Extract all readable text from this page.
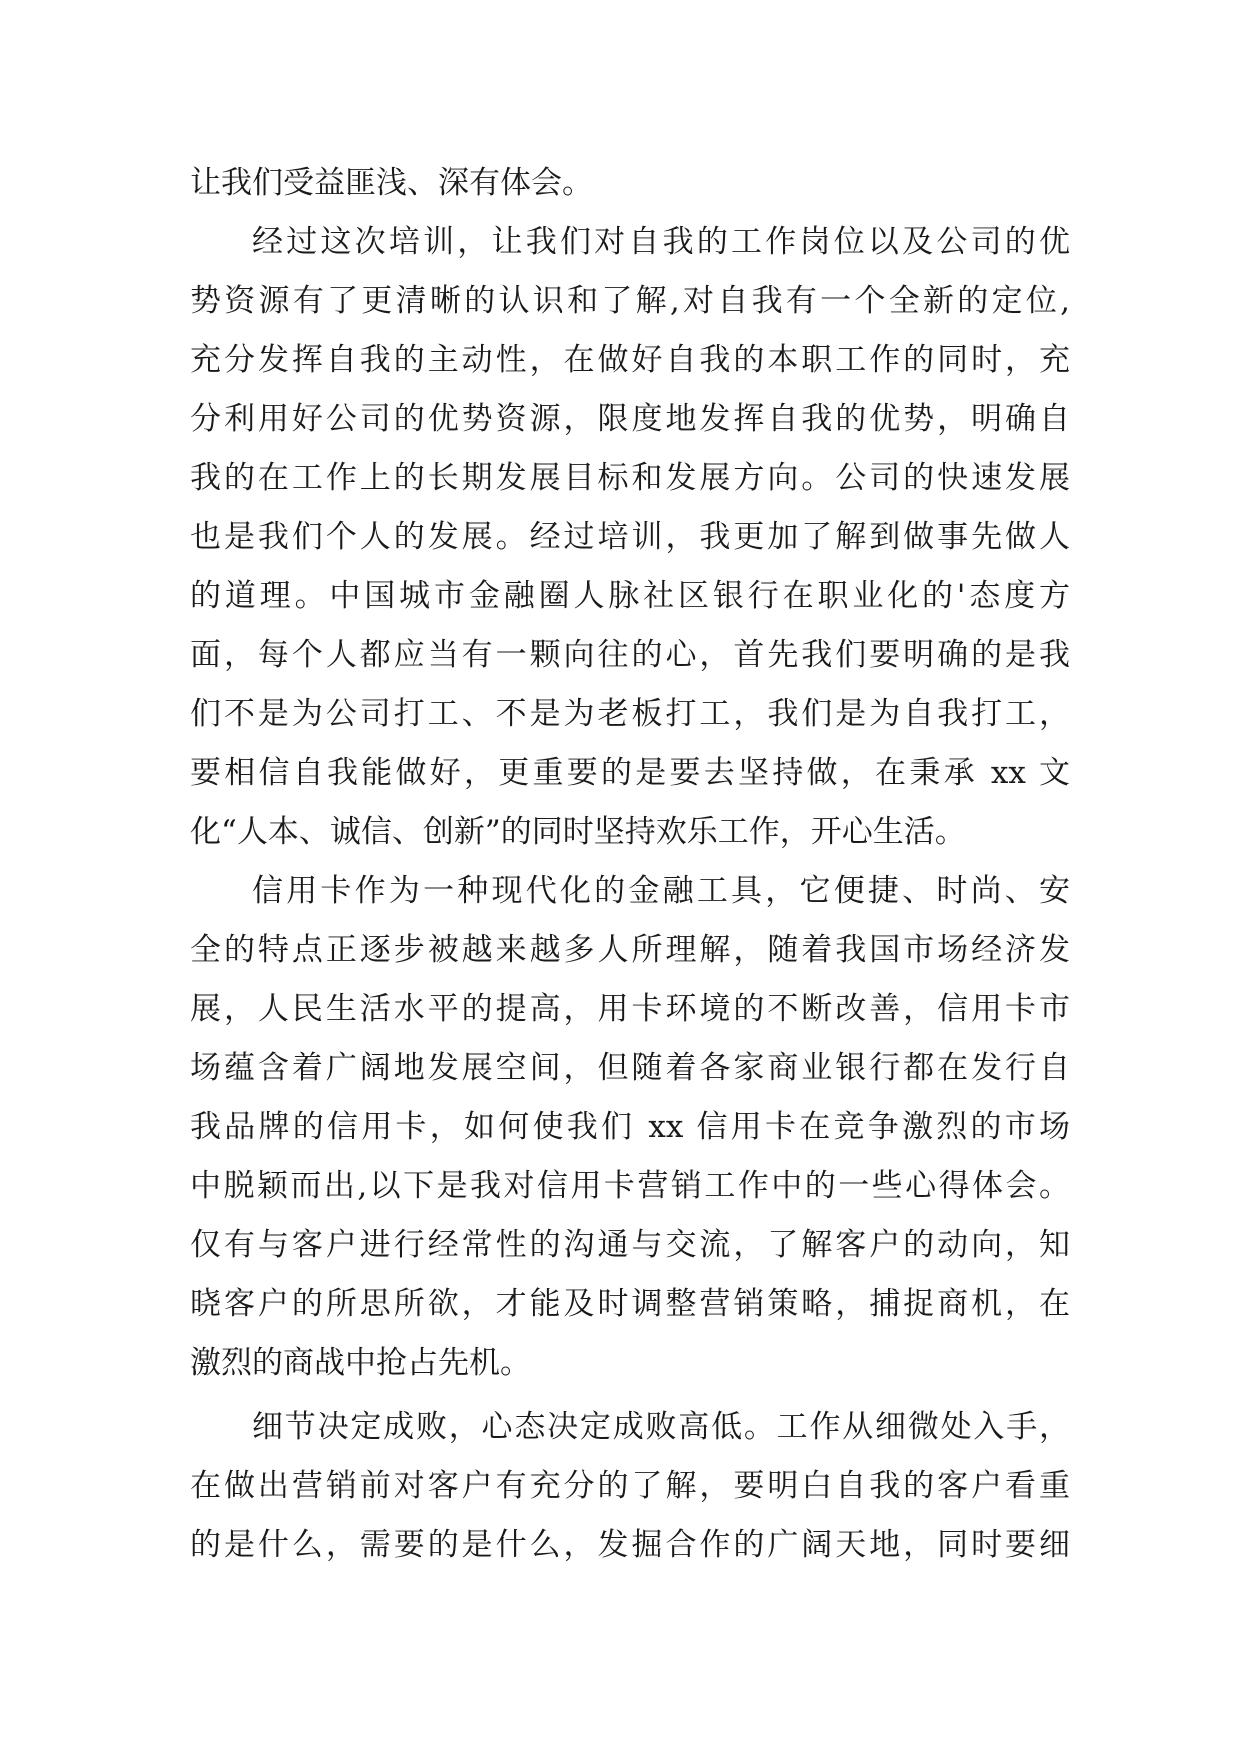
让我们受益匪浅、深有体会。
经过这次培训，让我们对自我的工作岗位以及公司的优
势资源有了更清晰的认识和了解,对自我有一个全新的定位,
充分发挥自我的主动性，在做好自我的本职工作的同时，充
分利用好公司的优势资源，限度地发挥自我的优势，明确自
我的在工作上的长期发展目标和发展方向。公司的快速发展
也是我们个人的发展。经过培训，我更加了解到做事先做人
的道理。中国城市金融圈人脉社区银行在职业化的'态度方
面，每个人都应当有一颗向往的心，首先我们要明确的是我
们不是为公司打工、不是为老板打工，我们是为自我打工，
要相信自我能做好，更重要的是要去坚持做，在秉承 xx 文
化“人本、诚信、创新”的同时坚持欢乐工作，开心生活。
信用卡作为一种现代化的金融工具，它便捷、时尚、安
全的特点正逐步被越来越多人所理解，随着我国市场经济发
展，人民生活水平的提高，用卡环境的不断改善，信用卡市
场蕴含着广阔地发展空间，但随着各家商业银行都在发行自
我品牌的信用卡，如何使我们 xx 信用卡在竞争激烈的市场
中脱颖而出,以下是我对信用卡营销工作中的一些心得体会。
仅有与客户进行经常性的沟通与交流，了解客户的动向，知
晓客户的所思所欲，才能及时调整营销策略，捕捉商机，在
激烈的商战中抢占先机。
细节决定成败，心态决定成败高低。工作从细微处入手，
在做出营销前对客户有充分的了解，要明白自我的客户看重
的是什么，需要的是什么，发掘合作的广阔天地，同时要细
